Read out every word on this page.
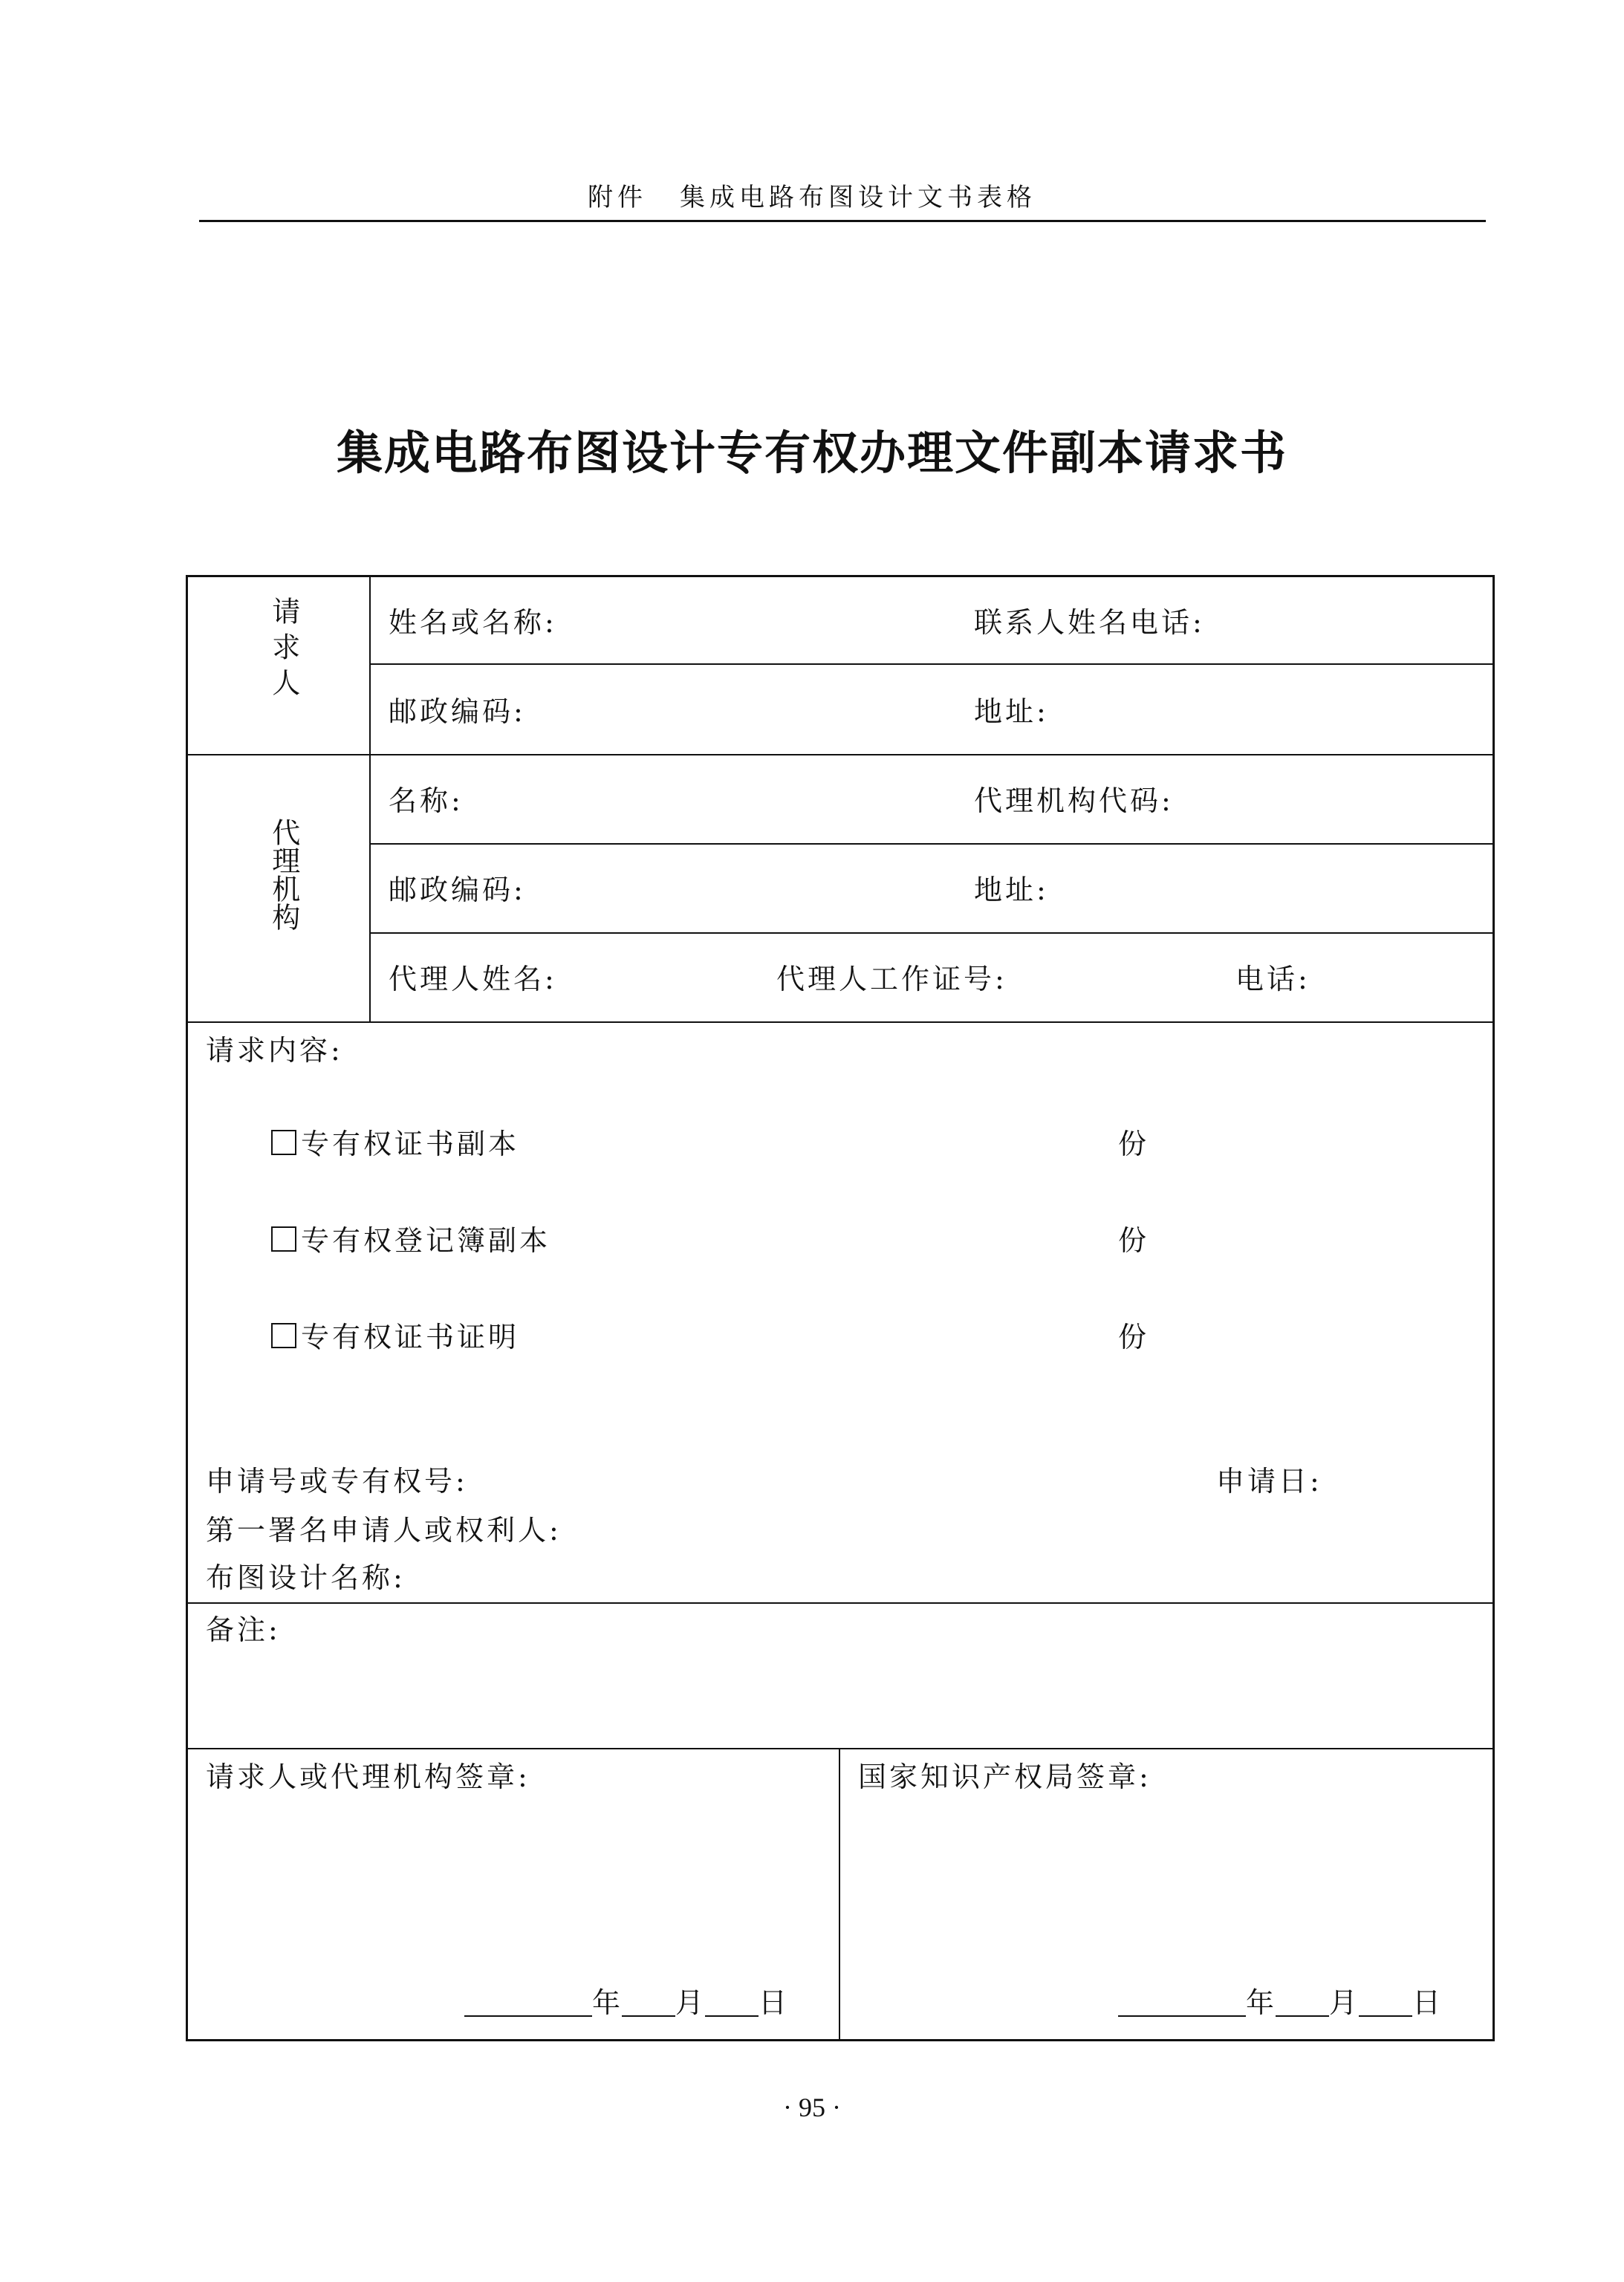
附件 集成电路布图设计文书表格
集成电路布图设计专有权办理文件副本请求书
请求人	姓名或名称:	联系人姓名电话:
邮政编码:	地址:
代理机构
名称:	代理机构代码:
邮政编码:	地址:
代理人姓名:	代理人工作证号:	电话:
请求内容:
专有权证书副本	份
专有权登记簿副本	份
专有权证书证明	份
申请号或专有权号:	申请日:
第一署名申请人或权利人:
布图设计名称:
备注:
请求人或代理机构签章:	国家知识产权局签章:
年 月 日	年 月 日
· 95 ·
